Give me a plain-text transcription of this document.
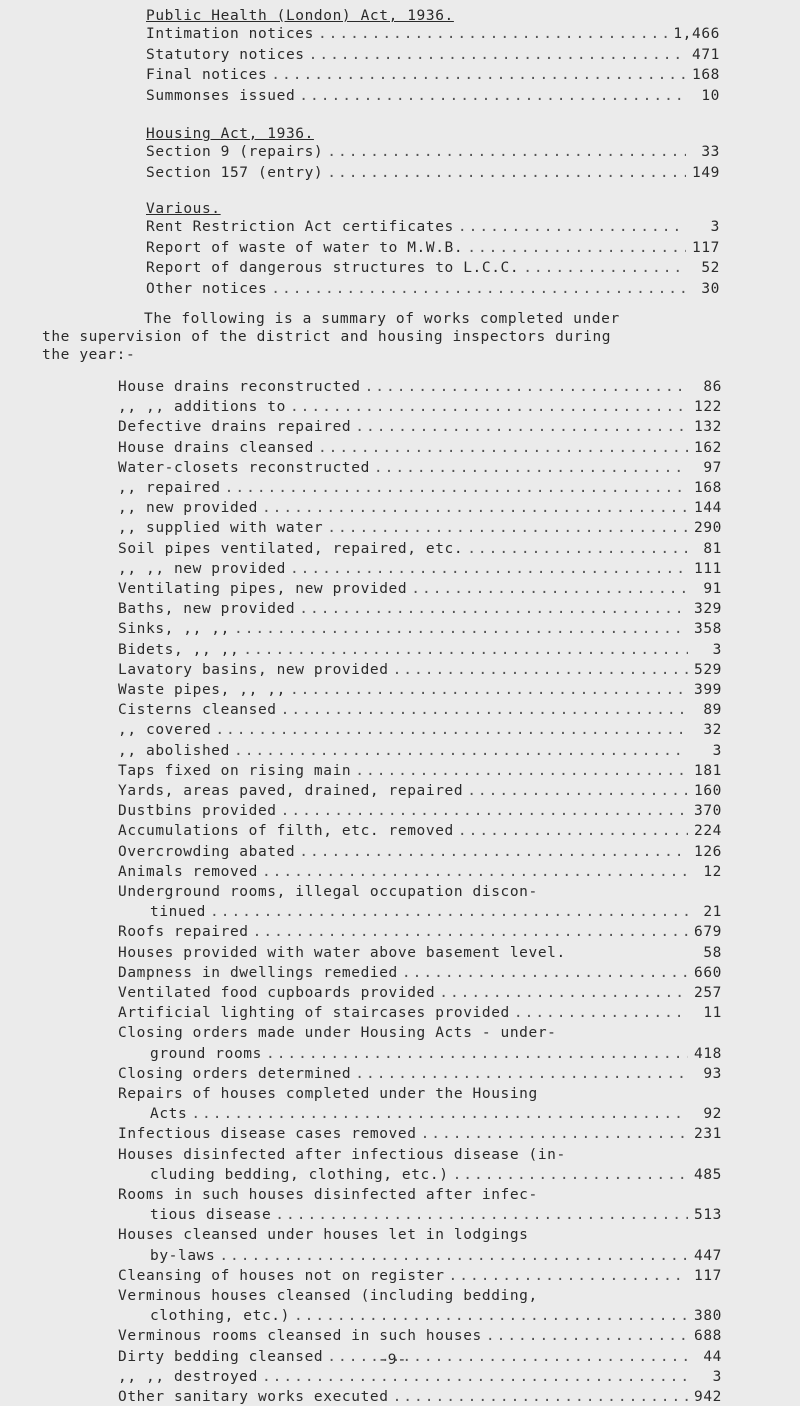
Public Health (London) Act, 1936.
Intimation notices .....	1,466
Statutory notices .....	471
Final notices .....	168
Summonses issued .....	10
Housing Act, 1936.
Section 9 (repairs) .....	33
Section 157 (entry) .....	149
Various.
Rent Restriction Act certificates .....	3
Report of waste of water to M.W.B. .....	117
Report of dangerous structures to L.C.C. .....	52
Other notices .....	30
The following is a summary of works completed under
the supervision of the district and housing inspectors during
the year:-
House drains reconstructed .....	86
,, ,, additions to .....	122
Defective drains repaired .....	132
House drains cleansed .....	162
Water-closets reconstructed .....	97
,, repaired .....	168
,, new provided .....	144
,, supplied with water .....	290
Soil pipes ventilated, repaired, etc. .....	81
,, ,, new provided .....	111
Ventilating pipes, new provided .....	91
Baths, new provided .....	329
Sinks, ,, ,, .....	358
Bidets, ,, ,, .....	3
Lavatory basins, new provided .....	529
Waste pipes, ,, ,, .....	399
Cisterns cleansed .....	89
,, covered .....	32
,, abolished .....	3
Taps fixed on rising main .....	181
Yards, areas paved, drained, repaired .....	160
Dustbins provided .....	370
Accumulations of filth, etc. removed .....	224
Overcrowding abated .....	126
Animals removed .....	12
Underground rooms, illegal occupation discon-
tinued .....	21
Roofs repaired .....	679
Houses provided with water above basement level.	58
Dampness in dwellings remedied .....	660
Ventilated food cupboards provided .....	257
Artificial lighting of staircases provided .....	11
Closing orders made under Housing Acts - under-
ground rooms .....	418
Closing orders determined .....	93
Repairs of houses completed under the Housing
Acts .....	92
Infectious disease cases removed .....	231
Houses disinfected after infectious disease (in-
cluding bedding, clothing, etc.) .....	485
Rooms in such houses disinfected after infec-
tious disease .....	513
Houses cleansed under houses let in lodgings
by-laws .....	447
Cleansing of houses not on register .....	117
Verminous houses cleansed (including bedding,
clothing, etc.) .....	380
Verminous rooms cleansed in such houses .....	688
Dirty bedding cleansed .....	44
,, ,, destroyed .....	3
Other sanitary works executed .....	942
-9-
